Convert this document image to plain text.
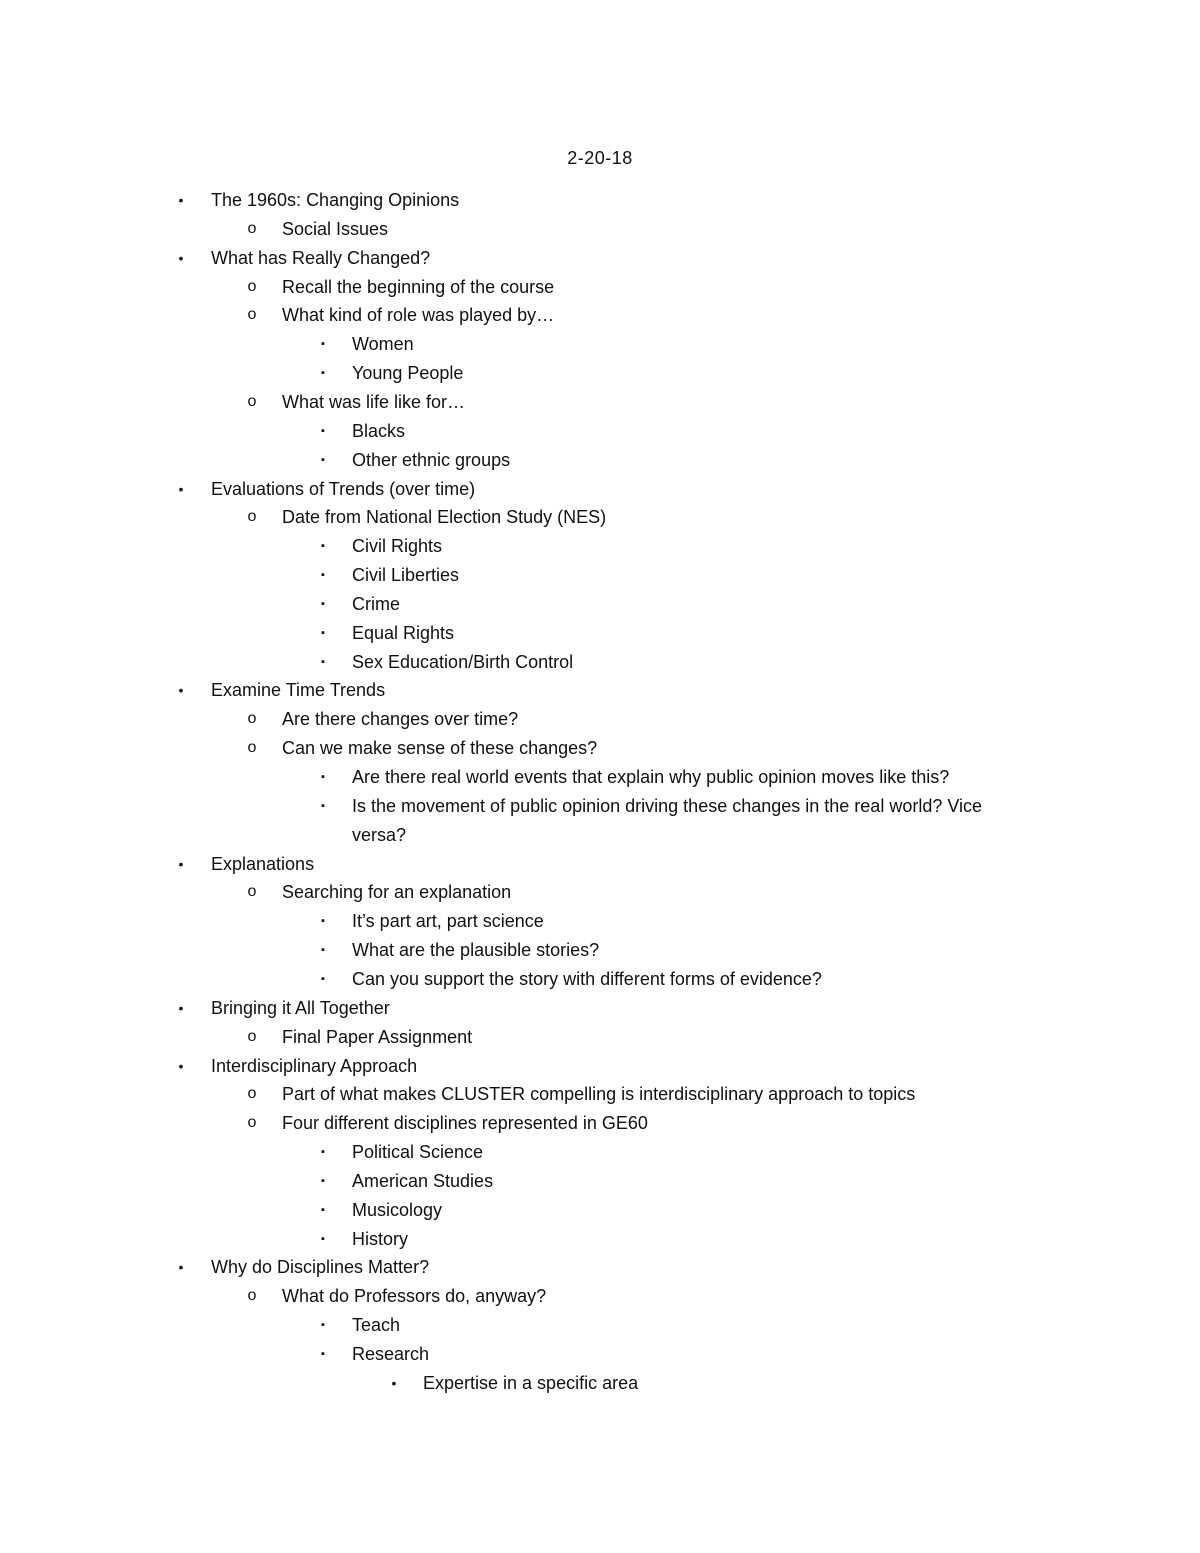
2-20-18
•	The 1960s: Changing Opinions
o Social Issues
•	What has Really Changed?
o Recall the beginning of the course
o What kind of role was played by…
▪	Women
▪	Young People
o What was life like for…
▪	Blacks
▪	Other ethnic groups
•	Evaluations of Trends (over time)
o Date from National Election Study (NES)
▪	Civil Rights
▪	Civil Liberties
▪	Crime
▪	Equal Rights
▪	Sex Education/Birth Control
•	Examine Time Trends
o Are there changes over time?
o Can we make sense of these changes?
▪	Are there real world events that explain why public opinion moves like this?
▪	Is the movement of public opinion driving these changes in the real world? Vice
versa?
•	Explanations
o Searching for an explanation
▪	It’s part art, part science
▪	What are the plausible stories?
▪	Can you support the story with different forms of evidence?
•	Bringing it All Together
o Final Paper Assignment
•	Interdisciplinary Approach
o Part of what makes CLUSTER compelling is interdisciplinary approach to topics
o Four different disciplines represented in GE60
▪	Political Science
▪	American Studies
▪	Musicology
▪	History
•	Why do Disciplines Matter?
o What do Professors do, anyway?
▪	Teach
▪	Research
•	Expertise in a specific area
